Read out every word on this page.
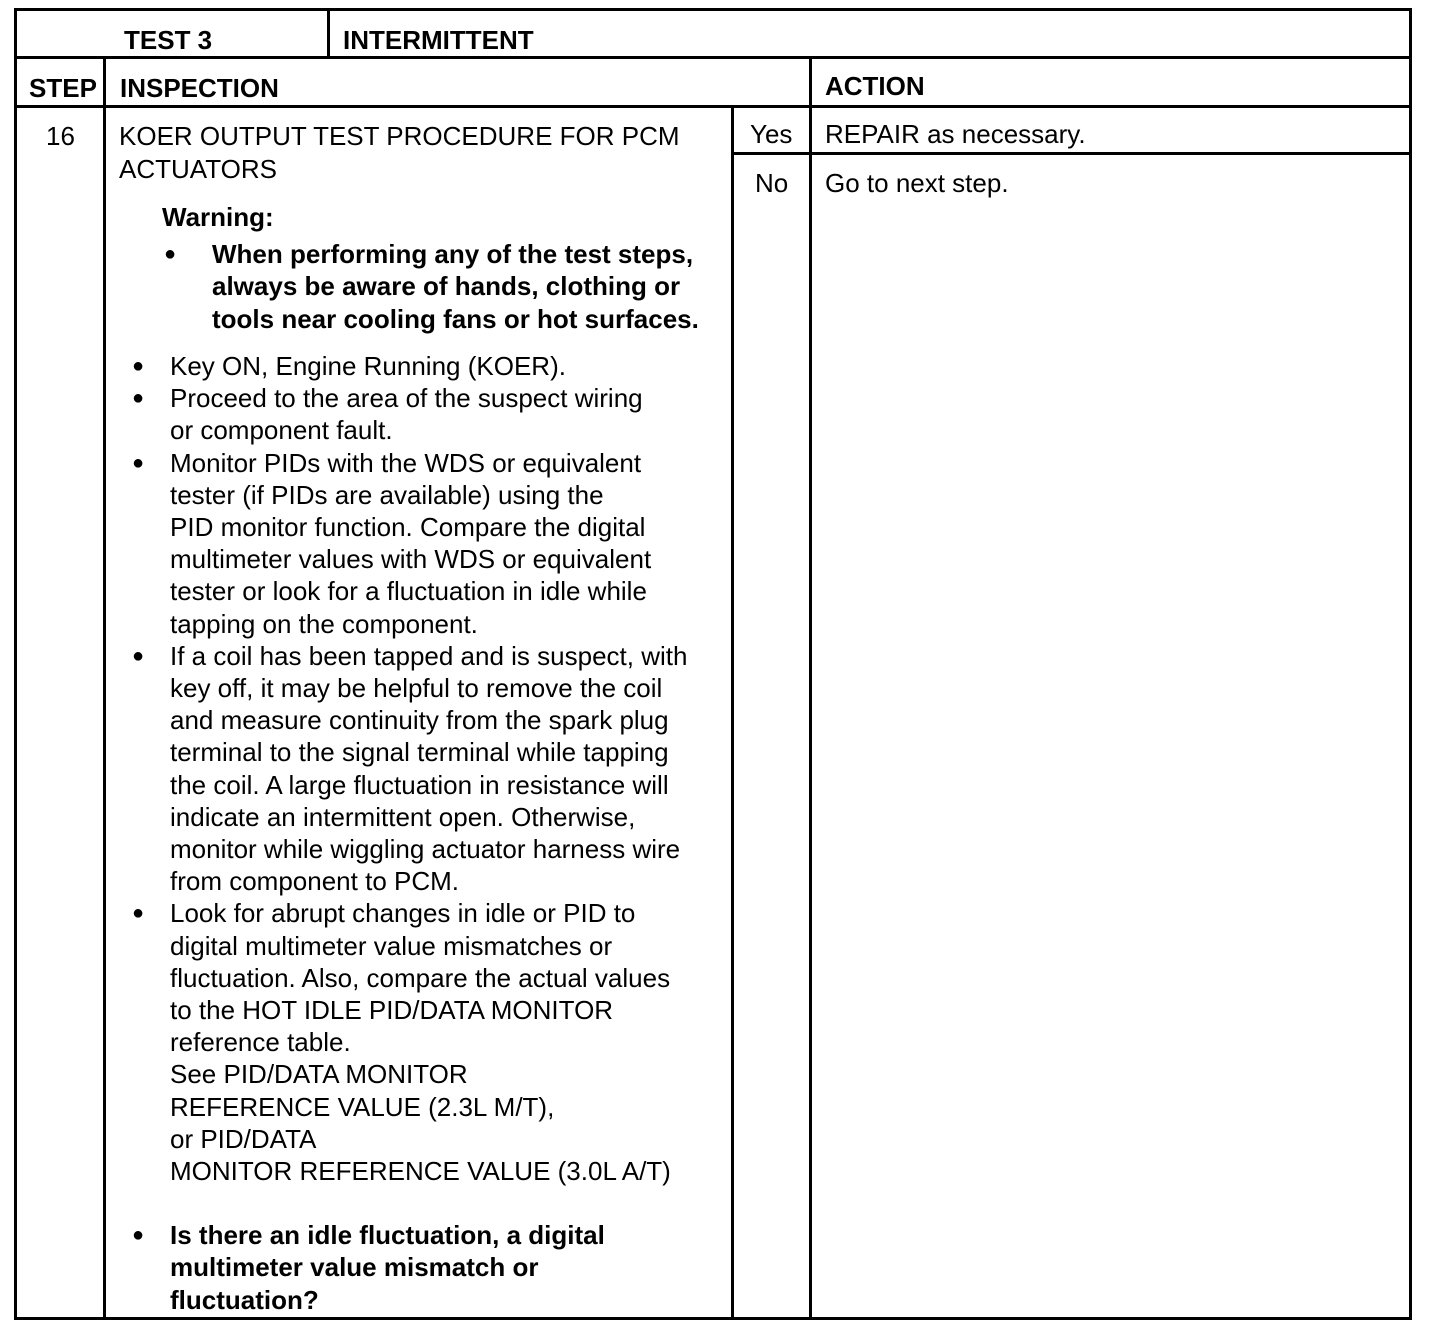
TEST 3	INTERMITTENT
STEP INSPECTION	ACTION
16 KOER OUTPUT TEST PROCEDURE FOR PCM
ACTUATORS
Warning:
● When performing any of the test steps,
always be aware of hands, clothing or
tools near cooling fans or hot surfaces.
● Key ON, Engine Running (KOER).
● Proceed to the area of the suspect wiring
or component fault.
● Monitor PIDs with the WDS or equivalent
tester (if PIDs are available) using the
PID monitor function. Compare the digital
multimeter values with WDS or equivalent
tester or look for a fluctuation in idle while
tapping on the component.
● If a coil has been tapped and is suspect, with
key off, it may be helpful to remove the coil
and measure continuity from the spark plug
terminal to the signal terminal while tapping
the coil. A large fluctuation in resistance will
indicate an intermittent open. Otherwise,
monitor while wiggling actuator harness wire
from component to PCM.
● Look for abrupt changes in idle or PID to
digital multimeter value mismatches or
fluctuation. Also, compare the actual values
to the HOT IDLE PID/DATA MONITOR
reference table.
See PID/DATA MONITOR
REFERENCE VALUE (2.3L M/T),
or PID/DATA
MONITOR REFERENCE VALUE (3.0L A/T)
● Is there an idle fluctuation, a digital
multimeter value mismatch or
fluctuation?
Yes REPAIR as necessary.
No Go to next step.
